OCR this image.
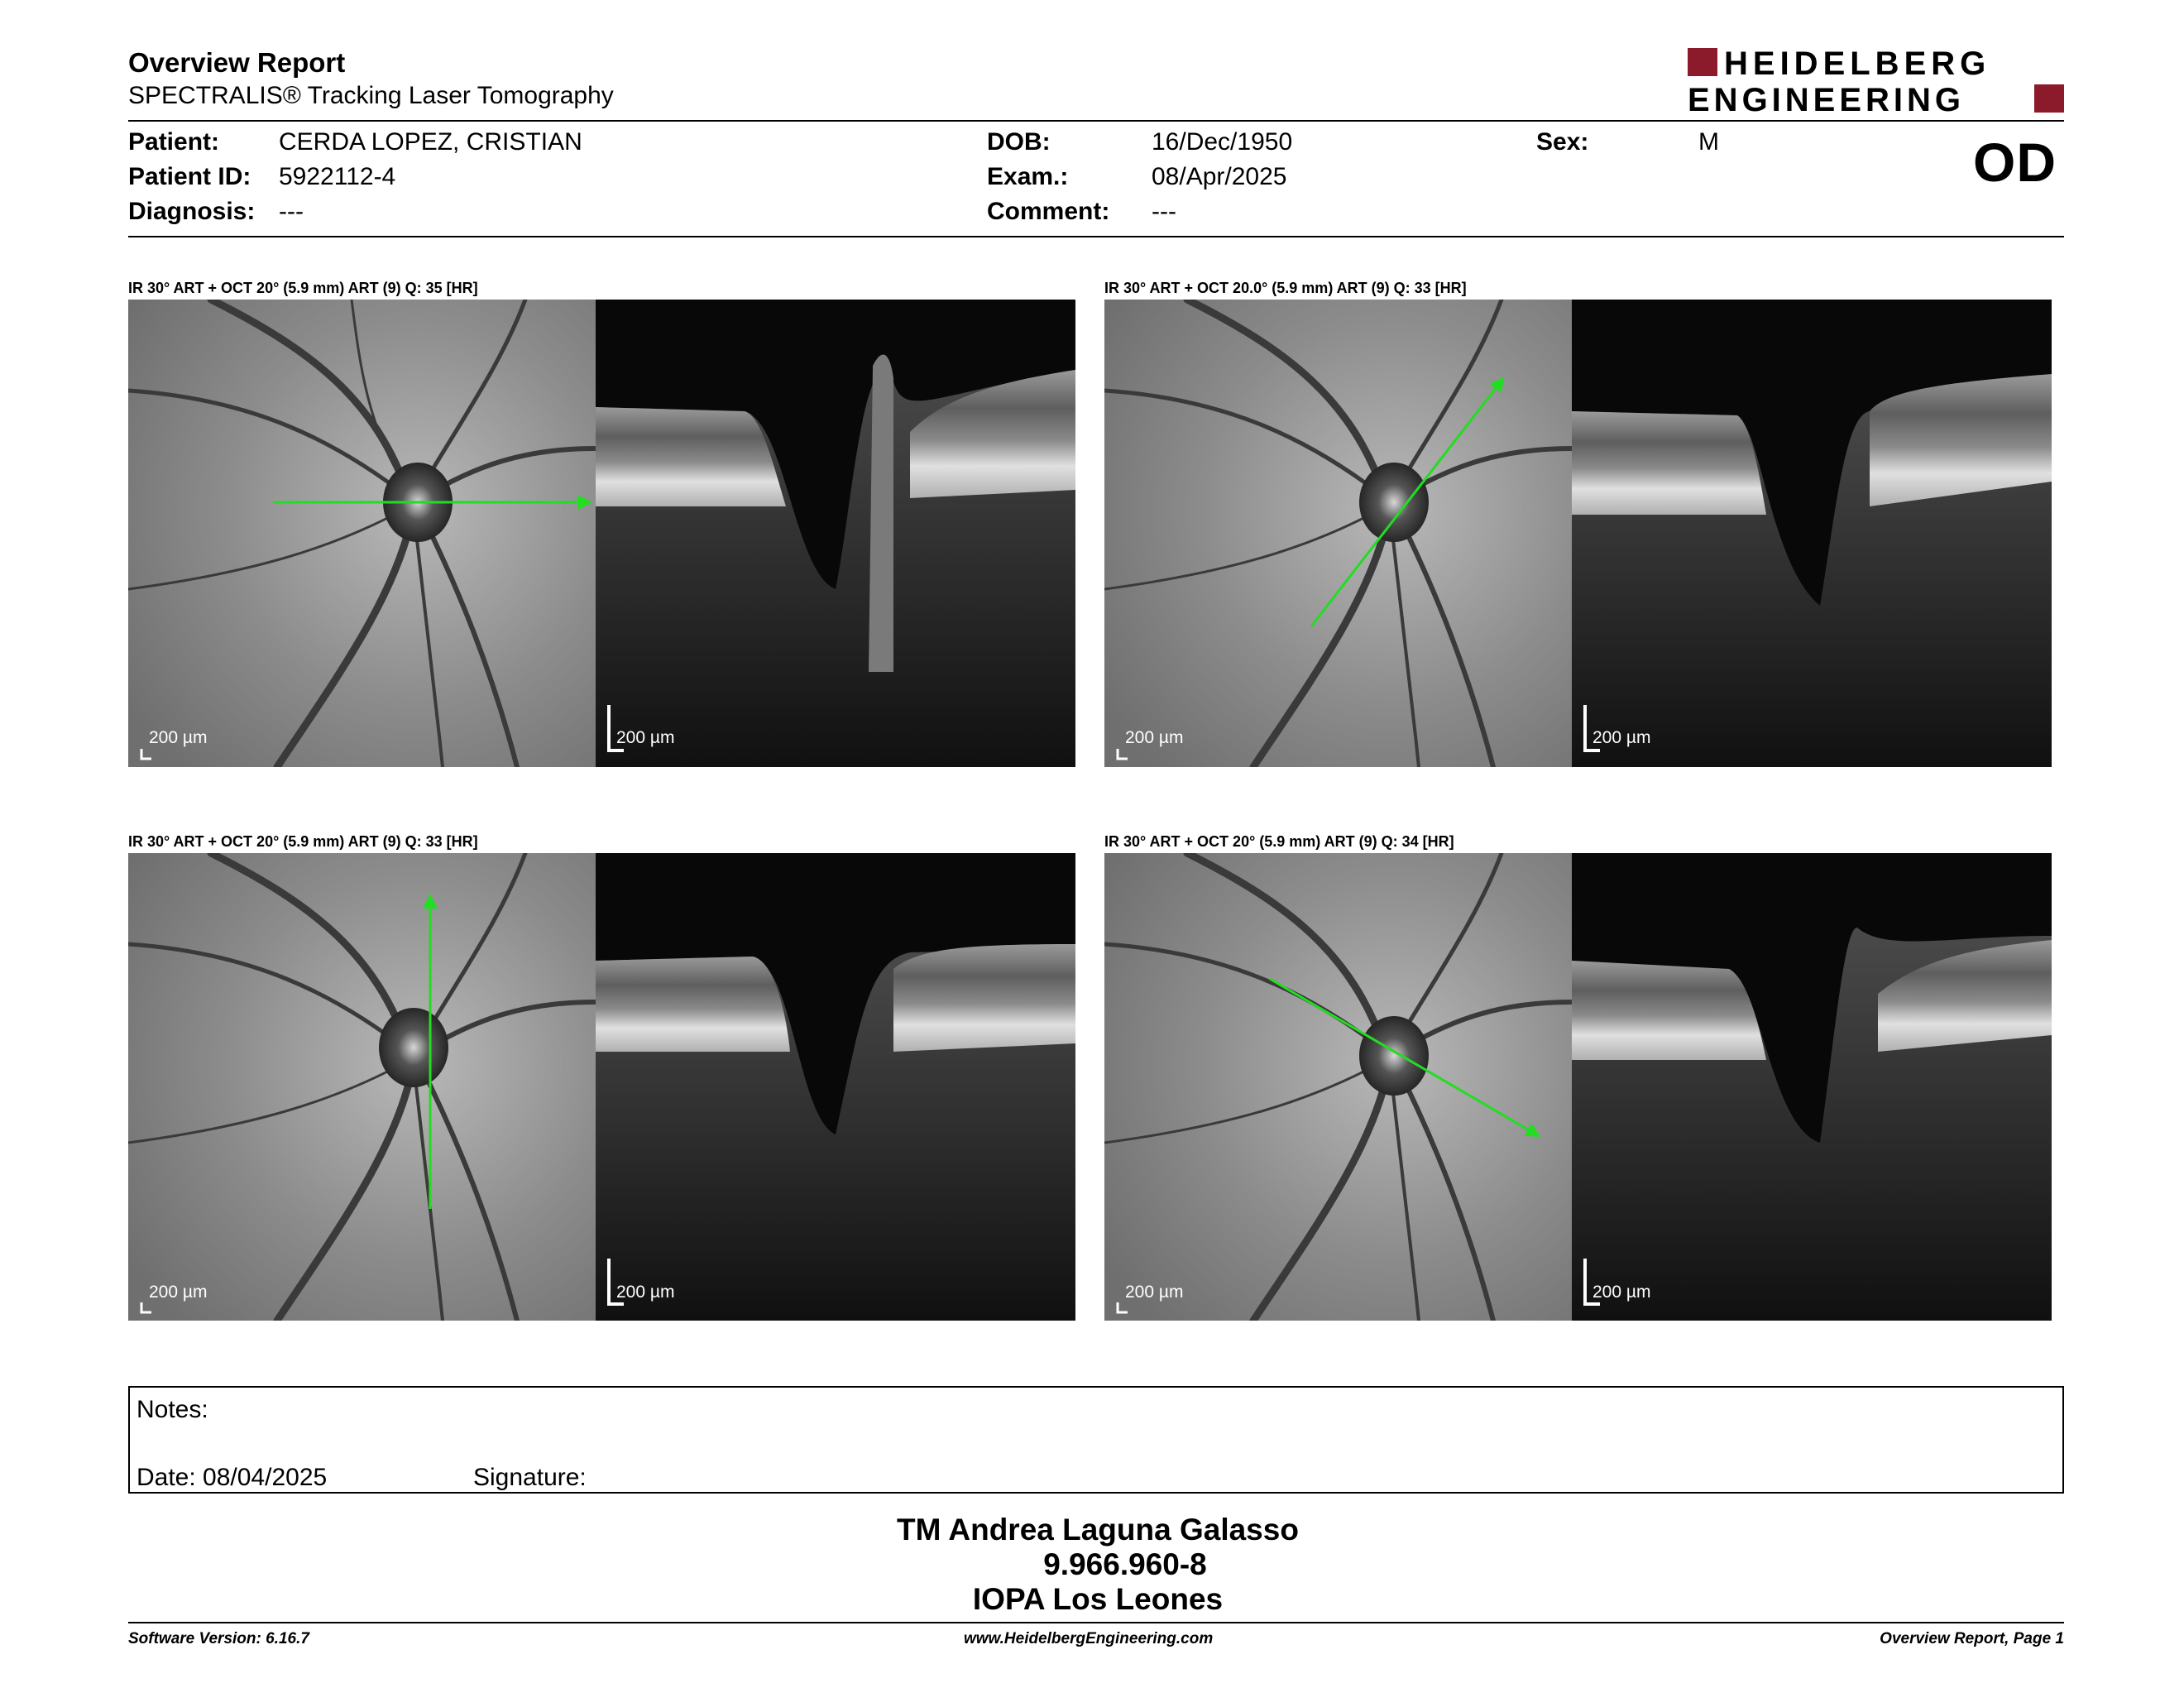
Overview Report
SPECTRALIS® Tracking Laser Tomography
HEIDELBERG
ENGINEERING
Patient: CERDA LOPEZ, CRISTIAN
Patient ID: 5922112-4
Diagnosis: ---
DOB:	16/Dec/1950
Exam.:	08/Apr/2025
Comment: ---
Sex:	M	OD
IR 30° ART + OCT 20° (5.9 mm) ART (9) Q: 35 [HR]
200 µm	200 µm
IR 30° ART + OCT 20.0° (5.9 mm) ART (9) Q: 33 [HR]
200 µm	200 µm
IR 30° ART + OCT 20° (5.9 mm) ART (9) Q: 33 [HR]
200 µm	200 µm
IR 30° ART + OCT 20° (5.9 mm) ART (9) Q: 34 [HR]
200 µm	200 µm
Notes:
Date: 08/04/2025	Signature:
TM Andrea Laguna Galasso
9.966.960-8
IOPA Los Leones
Software Version: 6.16.7	www.HeidelbergEngineering.com	Overview Report, Page 1
